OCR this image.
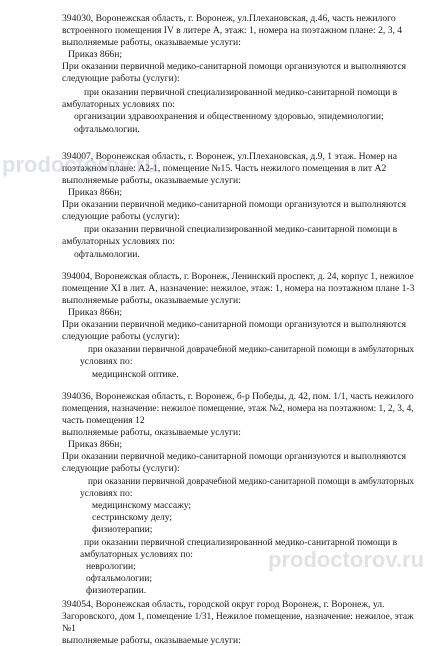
394030, Воронежская область, г. Воронеж, ул.Плехановская, д.46, часть нежилого
встроенного помещения IV в литере А, этаж: 1, номера на поэтажном плане: 2, 3, 4
выполняемые работы, оказываемые услуги:
Приказ 866н;
При оказании первичной медико-санитарной помощи организуются и выполняются
следующие работы (услуги):
при оказании первичной специализированной медико-санитарной помощи в
амбулаторных условиях по:
организации здравоохранения и общественному здоровью, эпидемиологии;
офтальмологии.
394007, Воронежская область, г. Воронеж, ул.Плехановская, д.9, 1 этаж. Номер на
поэтажном плане: А2-1, помещение №15. Часть нежилого помещения в лит А2
выполняемые работы, оказываемые услуги:
Приказ 866н;
При оказании первичной медико-санитарной помощи организуются и выполняются
следующие работы (услуги):
при оказании первичной специализированной медико-санитарной помощи в
амбулаторных условиях по:
офтальмологии.
394004, Воронежская область, г. Воронеж, Ленинский проспект, д. 24, корпус 1, нежилое
помещение XI в лит. А, назначение: нежилое, этаж: 1, номера на поэтажном плане 1-3
выполняемые работы, оказываемые услуги:
Приказ 866н;
При оказании первичной медико-санитарной помощи организуются и выполняются
следующие работы (услуги):
при оказании первичной доврачебной медико-санитарной помощи в амбулаторных
условиях по:
медицинской оптике.
394036, Воронежская область, г. Воронеж, б-р Победы, д. 42, пом. 1/1, часть нежилого
помещения, назначение: нежилое помещение, этаж №2, номера на поэтажном: 1, 2, 3, 4,
часть помещения 12
выполняемые работы, оказываемые услуги:
Приказ 866н;
При оказании первичной медико-санитарной помощи организуются и выполняются
следующие работы (услуги):
при оказании первичной доврачебной медико-санитарной помощи в амбулаторных
условиях по:
медицинскому массажу;
сестринскому делу;
физиотерапии;
при оказании первичной специализированной медико-санитарной помощи в
амбулаторных условиях по:
неврологии;
офтальмологии;
физиотерапии.
394054, Воронежская область, городской округ город Воронеж, г. Воронеж, ул.
Загоровского, дом 1, помещение 1/31, Нежилое помещение, назначение: нежилое, этаж
№1
выполняемые работы, оказываемые услуги:
prodoctorov.ru
prodoctorov.ru
